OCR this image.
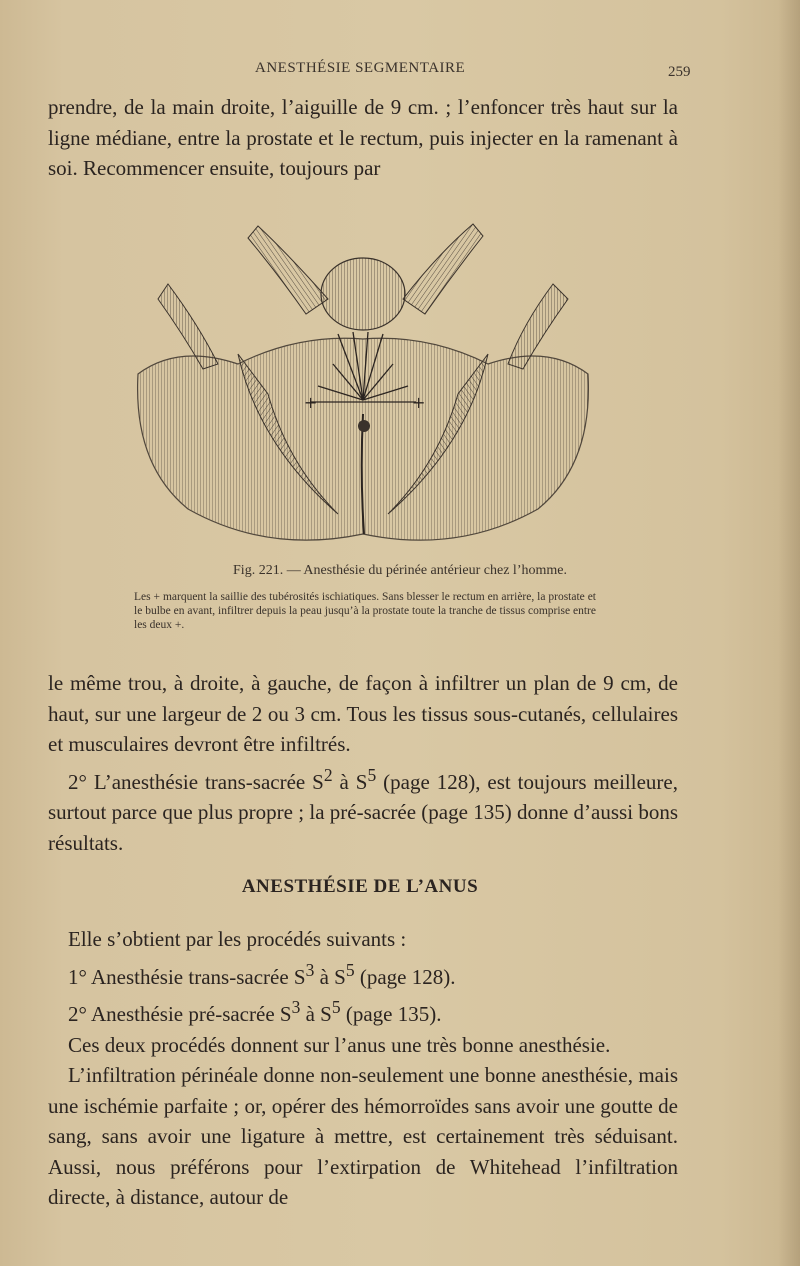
ANESTHÉSIE SEGMENTAIRE	259

prendre, de la main droite, l’aiguille de 9 cm. ; l’enfoncer très haut sur la ligne médiane, entre la prostate et le rectum, puis injecter en la ramenant à soi. Recommencer ensuite, toujours par

+	+
Fig. 221. — Anesthésie du périnée antérieur chez l’homme.
Les + marquent la saillie des tubérosités ischiatiques. Sans blesser le rectum en arrière, la prostate et le bulbe en avant, infiltrer depuis la peau jusqu’à la prostate toute la tranche de tissus comprise entre les deux +.

le même trou, à droite, à gauche, de façon à infiltrer un plan de 9 cm, de haut, sur une largeur de 2 ou 3 cm. Tous les tissus sous-cutanés, cellulaires et musculaires devront être infiltrés.

2° L’anesthésie trans-sacrée $S^2$ à $S^5$ (page 128), est toujours meilleure, surtout parce que plus propre ; la pré-sacrée (page 135) donne d’aussi bons résultats.

ANESTHÉSIE DE L’ANUS

Elle s’obtient par les procédés suivants :

1° Anesthésie trans-sacrée $S^3$ à $S^5$ (page 128).

2° Anesthésie pré-sacrée $S^3$ à $S^5$ (page 135).

Ces deux procédés donnent sur l’anus une très bonne anesthésie.

L’infiltration périnéale donne non-seulement une bonne anesthésie, mais une ischémie parfaite ; or, opérer des hémorroïdes sans avoir une goutte de sang, sans avoir une ligature à mettre, est certainement très séduisant. Aussi, nous préférons pour l’extirpation de Whitehead l’infiltration directe, à distance, autour de
